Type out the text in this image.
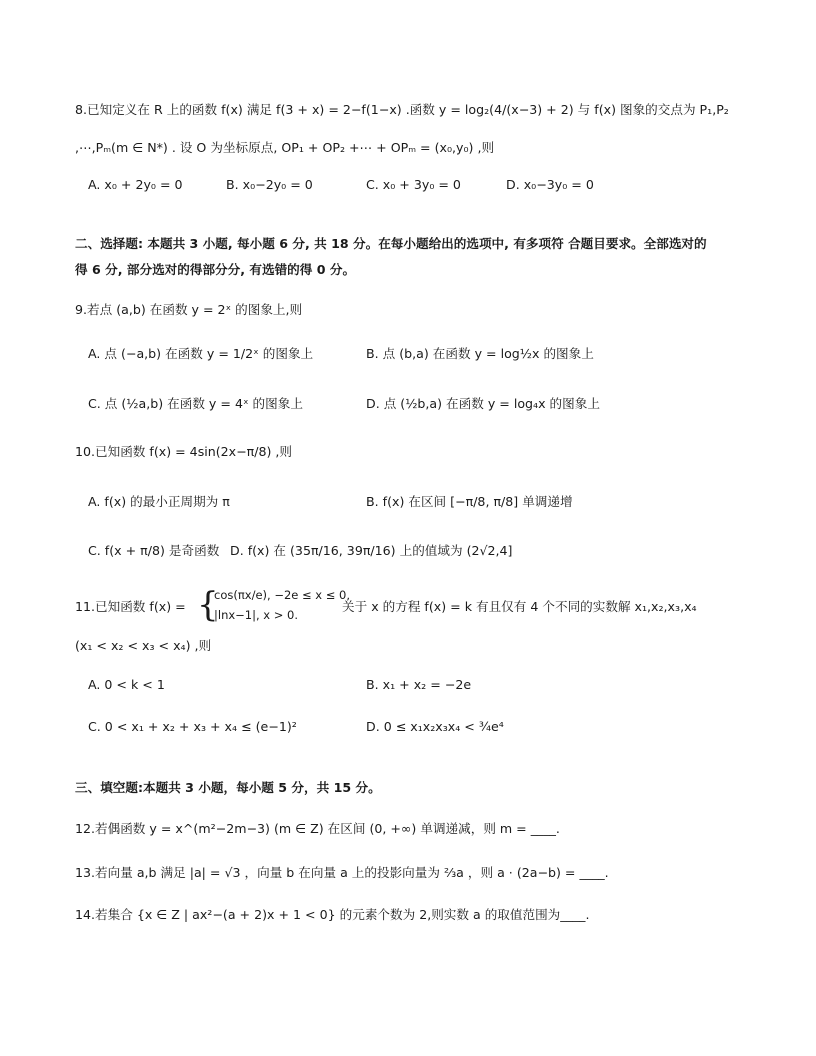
8.已知定义在 R 上的函数 f(x) 满足 f(3 + x) = 2−f(1−x) .函数 y = log₂(4/(x−3) + 2) 与 f(x) 图象的交点为 P₁,P₂
,⋯,Pₘ(m ∈ N*) . 设 O 为坐标原点, OP₁ + OP₂ +⋯ + OPₘ = (x₀,y₀) ,则
A. x₀ + 2y₀ = 0	B. x₀−2y₀ = 0	C. x₀ + 3y₀ = 0	D. x₀−3y₀ = 0
二、选择题: 本题共 3 小题, 每小题 6 分, 共 18 分。在每小题给出的选项中, 有多项符 合题目要求。全部选对的
得 6 分, 部分选对的得部分分, 有选错的得 0 分。
9.若点 (a,b) 在函数 y = 2ˣ 的图象上,则
A. 点 (−a,b) 在函数 y = 1/2ˣ 的图象上	B. 点 (b,a) 在函数 y = log½x 的图象上
C. 点 (½a,b) 在函数 y = 4ˣ 的图象上	D. 点 (½b,a) 在函数 y = log₄x 的图象上
10.已知函数 f(x) = 4sin(2x−π/8) ,则
A. f(x) 的最小正周期为 π	B. f(x) 在区间 [−π/8, π/8] 单调递增
C. f(x + π/8) 是奇函数 D. f(x) 在 (35π/16, 39π/16) 上的值域为 (2√2,4]
11.已知函数 f(x) = {
cos(πx/e), −2e ≤ x ≤ 0,
|lnx−1|, x > 0.
关于 x 的方程 f(x) = k 有且仅有 4 个不同的实数解 x₁,x₂,x₃,x₄
(x₁ < x₂ < x₃ < x₄) ,则
A. 0 < k < 1	B. x₁ + x₂ = −2e
C. 0 < x₁ + x₂ + x₃ + x₄ ≤ (e−1)²	D. 0 ≤ x₁x₂x₃x₄ < ¾e⁴
三、填空题:本题共 3 小题，每小题 5 分，共 15 分。
12.若偶函数 y = x^(m²−2m−3) (m ∈ Z) 在区间 (0, +∞) 单调递减，则 m = ____.
13.若向量 a,b 满足 |a| = √3 ，向量 b 在向量 a 上的投影向量为 ⅔a ，则 a · (2a−b) = ____.
14.若集合 {x ∈ Z | ax²−(a + 2)x + 1 < 0} 的元素个数为 2,则实数 a 的取值范围为____.
